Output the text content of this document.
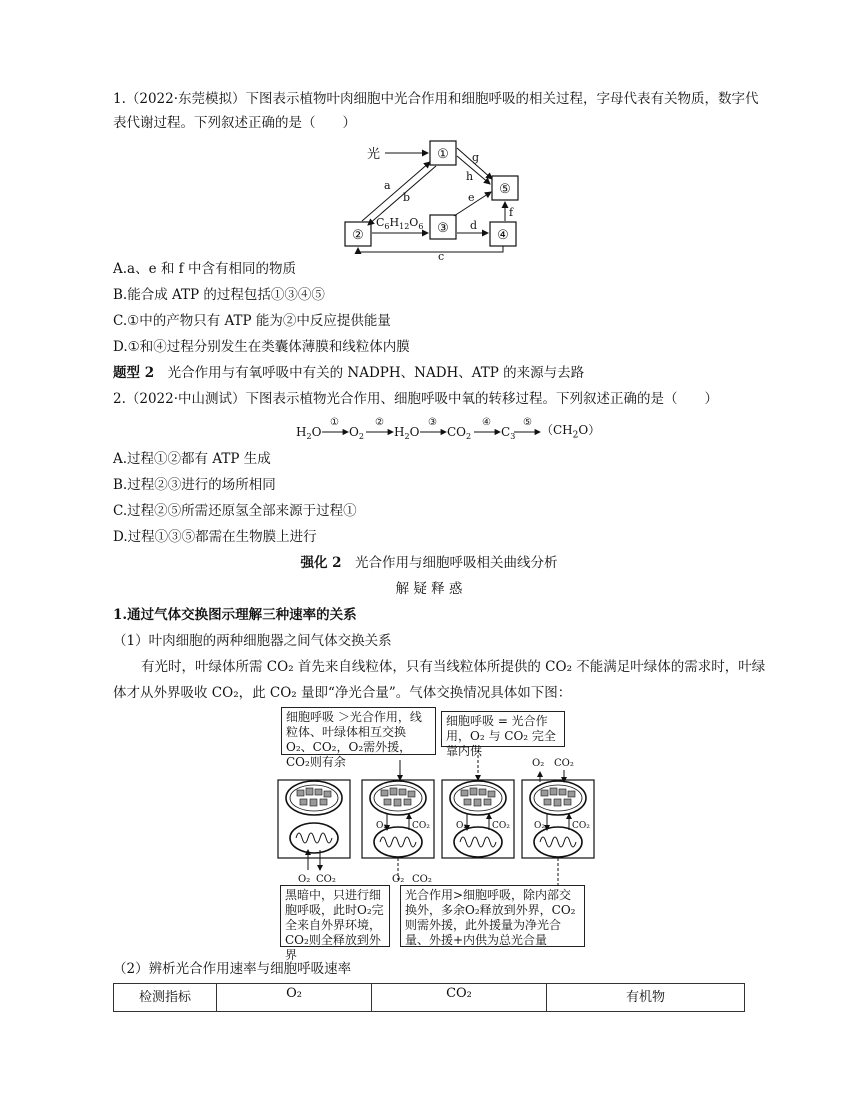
1.（2022·东莞模拟）下图表示植物叶肉细胞中光合作用和细胞呼吸的相关过程，字母代表有关物质，数字代
表代谢过程。下列叙述正确的是（　　）
①
②	③	④
⑤
光
a
b
g
h
e
$C_6H_{12}O_6$	d
f
c
A.a、e 和 f 中含有相同的物质
B.能合成 ATP 的过程包括①③④⑤
C.①中的产物只有 ATP 能为②中反应提供能量
D.①和④过程分别发生在类囊体薄膜和线粒体内膜
题型 2　 光合作用与有氧呼吸中有关的 NADPH、NADH、ATP 的来源与去路
2.（2022·中山测试）下图表示植物光合作用、细胞呼吸中氧的转移过程。下列叙述正确的是（　　）
$H_2O$
①
$O_2$
②
$H_2O$
③
$CO_2$
④
$C_3$
⑤
$(CH_2O)$
A.过程①②都有 ATP 生成
B.过程②③进行的场所相同
C.过程②⑤所需还原氢全部来源于过程①
D.过程①③⑤都需在生物膜上进行
强化 2　 光合作用与细胞呼吸相关曲线分析
解 疑 释 惑
1.通过气体交换图示理解三种速率的关系
（1）叶肉细胞的两种细胞器之间气体交换关系
有光时，叶绿体所需 CO₂ 首先来自线粒体，只有当线粒体所提供的 CO₂ 不能满足叶绿体的需求时，叶绿
体才从外界吸收 CO₂，此 CO₂ 量即“净光合量”。气体交换情况具体如下图：
细胞呼吸 ＞光合作用，线粒体、叶绿体相互交换 O₂、CO₂，O₂需外援，CO₂则有余
细胞呼吸 = 光合作用，O₂ 与 CO₂ 完全靠内供
黑暗中，只进行细胞呼吸，此时O₂完全来自外界环境，CO₂则全释放到外界
光合作用>细胞呼吸，除内部交换外，多余O₂释放到外界，CO₂则需外援，此外援量为净光合量、外援+内供为总光合量
O₂ CO₂
O₂	CO₂
O₂ CO₂
O₂	CO₂	O₂	CO₂
O₂ CO₂
（2）辨析光合作用速率与细胞呼吸速率
检测指标	O₂	CO₂	有机物
